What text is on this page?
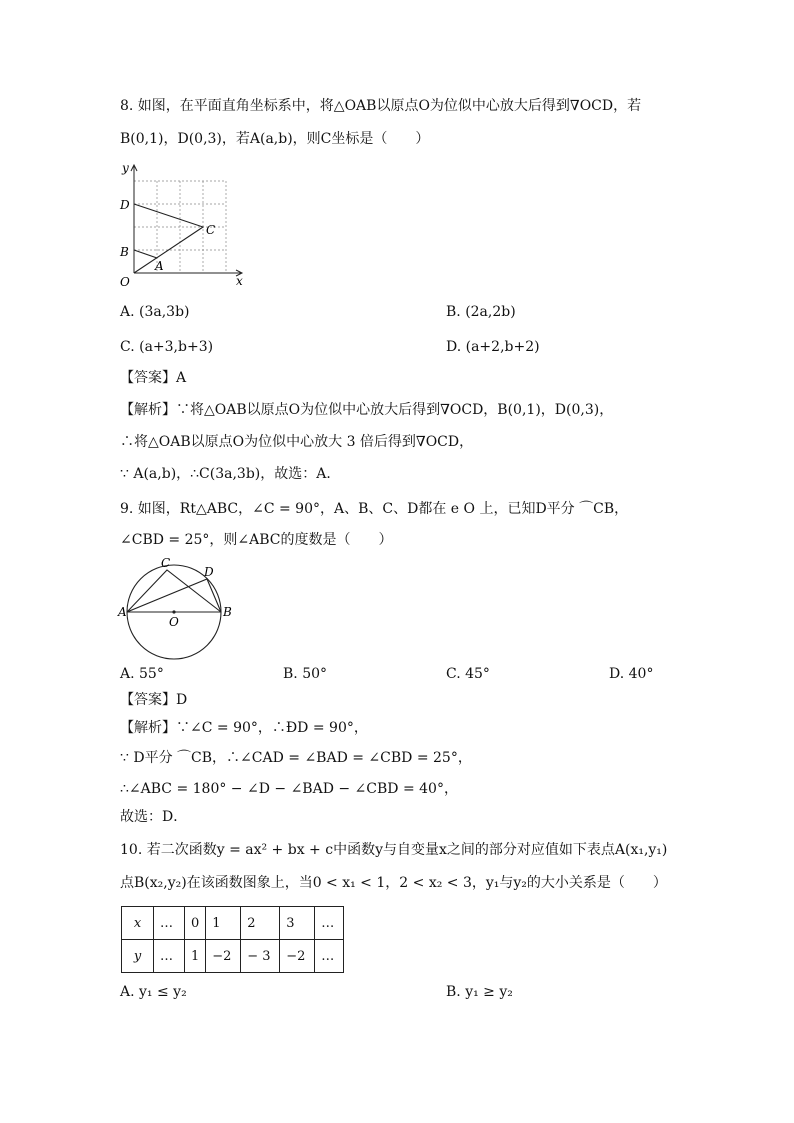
8. 如图，在平面直角坐标系中，将△OAB以原点O为位似中心放大后得到∇OCD，若
B(0,1)，D(0,3)，若A(a,b)，则C坐标是（　　）
y
x
D
C
B
A
O
A. (3a,3b)	B. (2a,2b)
C. (a+3,b+3)	D. (a+2,b+2)
【答案】A
【解析】∵将△OAB以原点O为位似中心放大后得到∇OCD，B(0,1)，D(0,3)，
∴将△OAB以原点O为位似中心放大 3 倍后得到∇OCD，
∵ A(a,b)，∴C(3a,3b)，故选：A．
9. 如图，Rt△ABC，∠C = 90°，A、B、C、D都在 e O 上，已知D平分 ⌒CB，
∠CBD = 25°，则∠ABC的度数是（　　）
A	B
C
D
O
A. 55°	B. 50°	C. 45°	D. 40°
【答案】D
【解析】∵∠C = 90°，∴ÐD = 90°，
∵ D平分 ⌒CB，∴∠CAD = ∠BAD = ∠CBD = 25°，
∴∠ABC = 180° − ∠D − ∠BAD − ∠CBD = 40°，
故选：D．
10. 若二次函数y = ax² + bx + c中函数y与自变量x之间的部分对应值如下表点A(x₁,y₁)
点B(x₂,y₂)在该函数图象上，当0 < x₁ < 1，2 < x₂ < 3，y₁与y₂的大小关系是（　　）
x	…	0	1	2	3	…
y	…	1	−2	− 3	−2	…
A. y₁ ≤ y₂	B. y₁ ≥ y₂
